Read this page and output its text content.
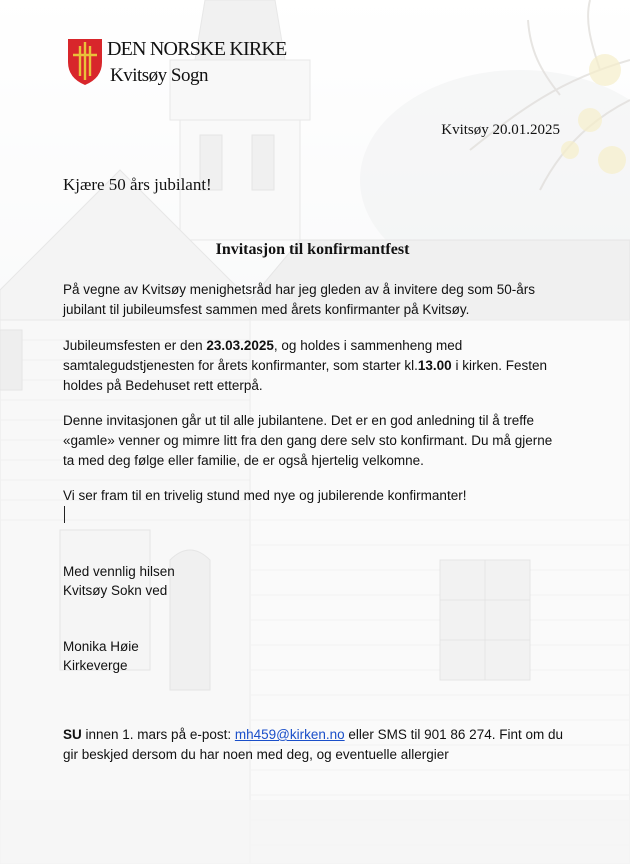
DEN NORSKE KIRKE
Kvitsøy Sogn
Kvitsøy 20.01.2025
Kjære 50 års jubilant!
Invitasjon til konfirmantfest
På vegne av Kvitsøy menighetsråd har jeg gleden av å invitere deg som 50-års jubilant til jubileumsfest sammen med årets konfirmanter på Kvitsøy.
Jubileumsfesten er den 23.03.2025, og holdes i sammenheng med samtalegudstjenesten for årets konfirmanter, som starter kl.13.00 i kirken. Festen holdes på Bedehuset rett etterpå.
Denne invitasjonen går ut til alle jubilantene. Det er en god anledning til å treffe «gamle» venner og mimre litt fra den gang dere selv sto konfirmant. Du må gjerne ta med deg følge eller familie, de er også hjertelig velkomne.
Vi ser fram til en trivelig stund med nye og jubilerende konfirmanter!
Med vennlig hilsen
Kvitsøy Sokn ved
Monika Høie
Kirkeverge
SU innen 1. mars på e-post: mh459@kirken.no eller SMS til 901 86 274. Fint om du gir beskjed dersom du har noen med deg, og eventuelle allergier
